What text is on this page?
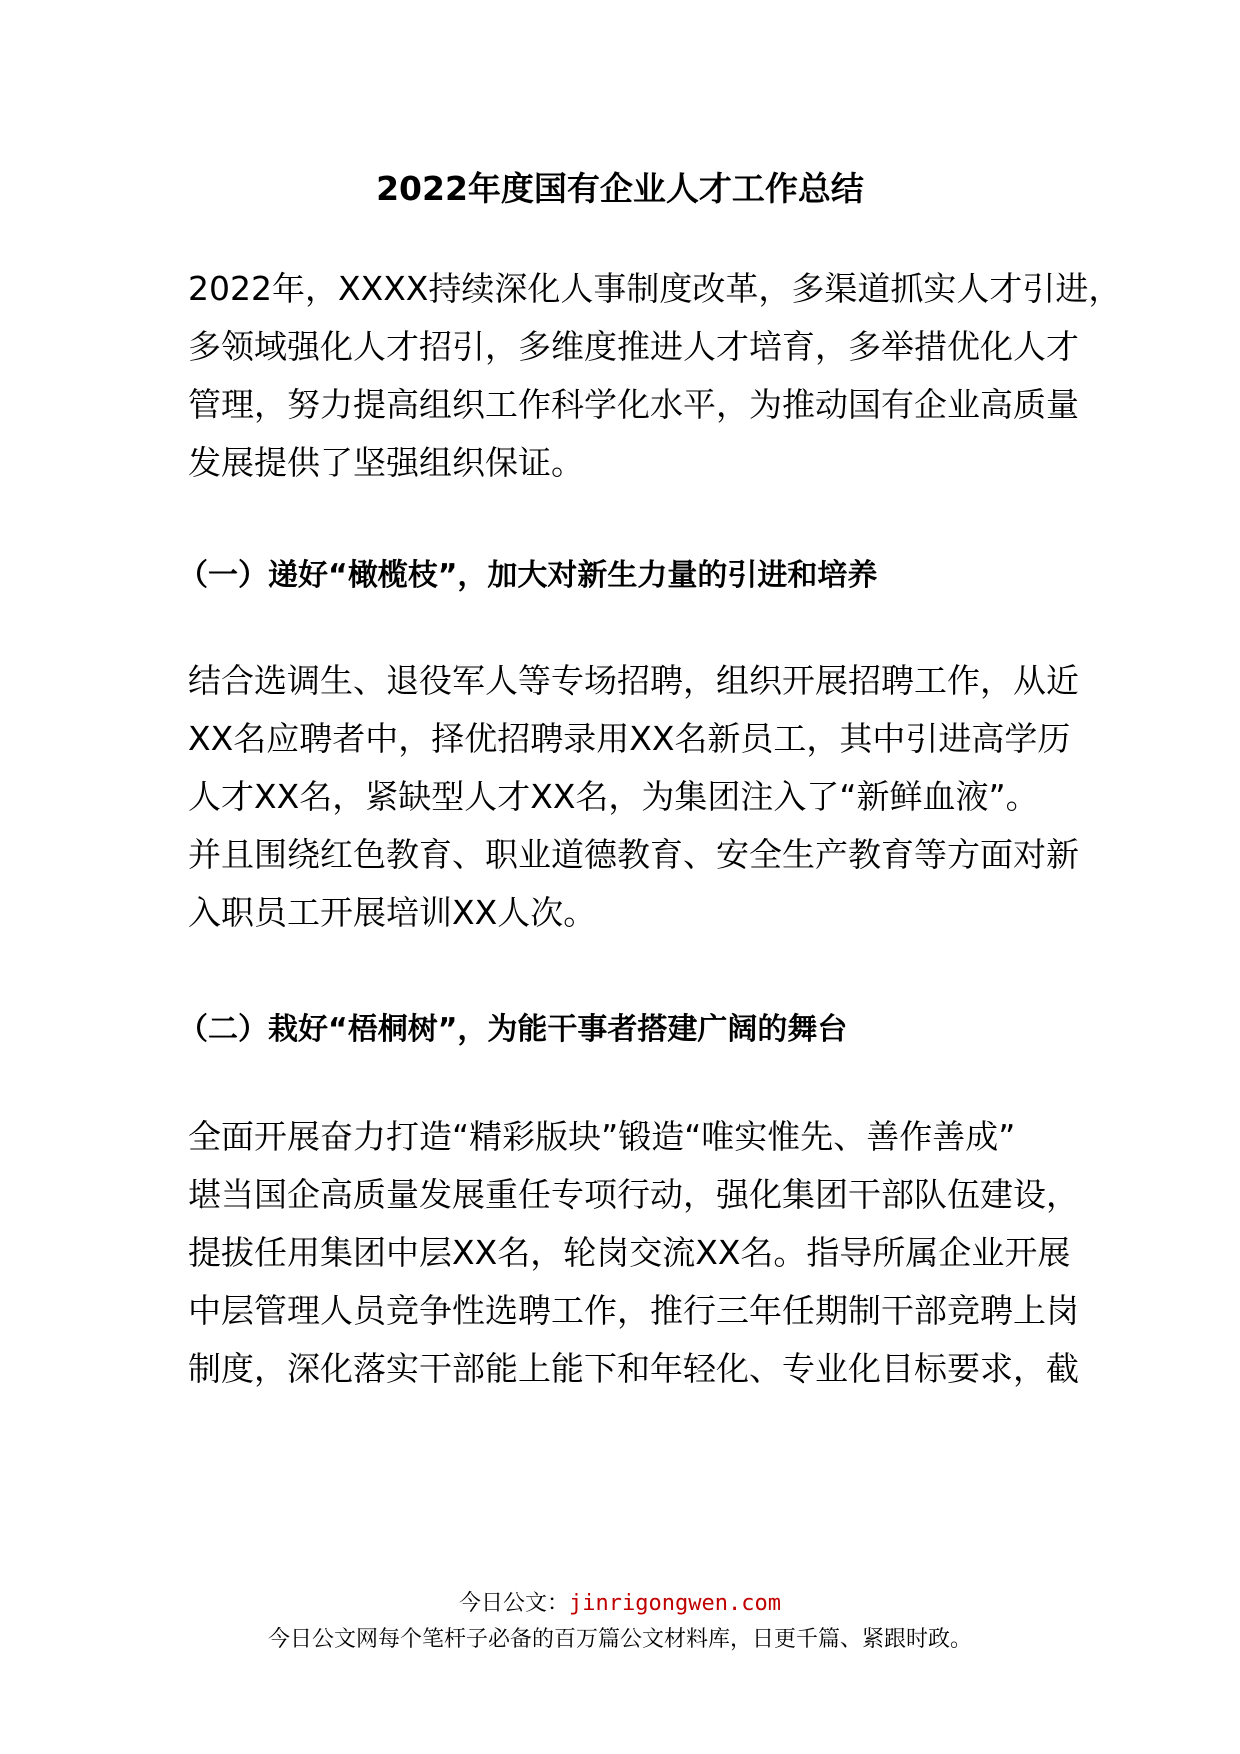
2022年度国有企业人才工作总结
2022年，XXXX持续深化人事制度改革，多渠道抓实人才引进，
多领域强化人才招引，多维度推进人才培育，多举措优化人才
管理，努力提高组织工作科学化水平，为推动国有企业高质量
发展提供了坚强组织保证。
（一）递好“橄榄枝”，加大对新生力量的引进和培养
结合选调生、退役军人等专场招聘，组织开展招聘工作，从近
XX名应聘者中，择优招聘录用XX名新员工，其中引进高学历
人才XX名，紧缺型人才XX名，为集团注入了“新鲜血液”。
并且围绕红色教育、职业道德教育、安全生产教育等方面对新
入职员工开展培训XX人次。
（二）栽好“梧桐树”，为能干事者搭建广阔的舞台
全面开展奋力打造“精彩版块”锻造“唯实惟先、善作善成”
堪当国企高质量发展重任专项行动，强化集团干部队伍建设，
提拔任用集团中层XX名，轮岗交流XX名。指导所属企业开展
中层管理人员竞争性选聘工作，推行三年任期制干部竞聘上岗
制度，深化落实干部能上能下和年轻化、专业化目标要求，截
今日公文：jinrigongwen.com
今日公文网每个笔杆子必备的百万篇公文材料库，日更千篇、紧跟时政。
